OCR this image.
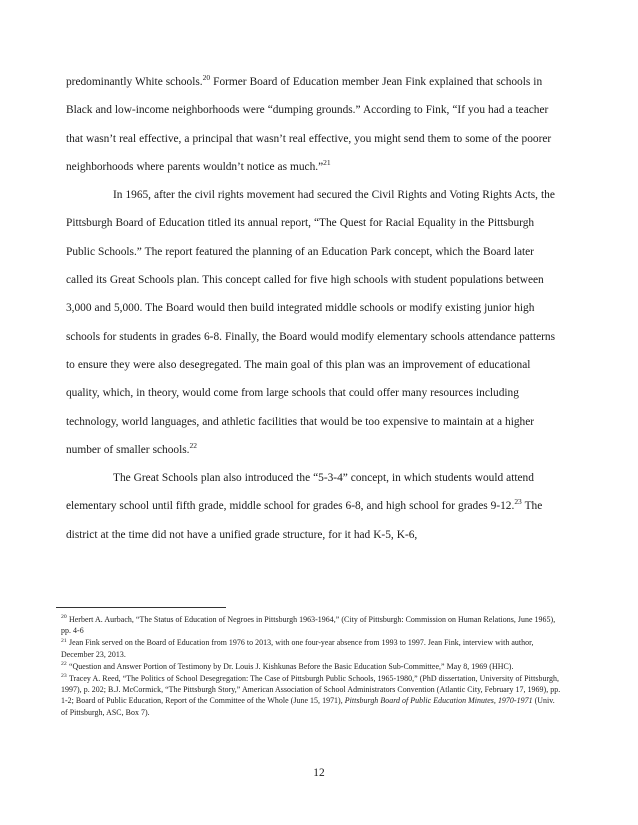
predominantly White schools.$^{20}$ Former Board of Education member Jean Fink explained that schools in Black and low-income neighborhoods were “dumping grounds.” According to Fink, “If you had a teacher that wasn’t real effective, a principal that wasn’t real effective, you might send them to some of the poorer neighborhoods where parents wouldn’t notice as much.”$^{21}$

In 1965, after the civil rights movement had secured the Civil Rights and Voting Rights Acts, the Pittsburgh Board of Education titled its annual report, “The Quest for Racial Equality in the Pittsburgh Public Schools.” The report featured the planning of an Education Park concept, which the Board later called its Great Schools plan. This concept called for five high schools with student populations between 3,000 and 5,000. The Board would then build integrated middle schools or modify existing junior high schools for students in grades 6-8. Finally, the Board would modify elementary schools attendance patterns to ensure they were also desegregated. The main goal of this plan was an improvement of educational quality, which, in theory, would come from large schools that could offer many resources including technology, world languages, and athletic facilities that would be too expensive to maintain at a higher number of smaller schools.$^{22}$

The Great Schools plan also introduced the “5-3-4” concept, in which students would attend elementary school until fifth grade, middle school for grades 6-8, and high school for grades 9-12.23 The district at the time did not have a unified grade structure, for it had K-5, K-6,

$^{20}$ Herbert A. Aurbach, “The Status of Education of Negroes in Pittsburgh 1963-1964,” (City of Pittsburgh: Commission on Human Relations, June 1965), pp. 4-6

$^{21}$ Jean Fink served on the Board of Education from 1976 to 2013, with one four-year absence from 1993 to 1997. Jean Fink, interview with author, December 23, 2013.

$^{22}$ “Question and Answer Portion of Testimony by Dr. Louis J. Kishkunas Before the Basic Education Sub-Committee,” May 8, 1969 (HHC).

$^{23}$ Tracey A. Reed, “The Politics of School Desegregation: The Case of Pittsburgh Public Schools, 1965-1980,” (PhD dissertation, University of Pittsburgh, 1997), p. 202; B.J. McCormick, “The Pittsburgh Story,” American Association of School Administrators Convention (Atlantic City, February 17, 1969), pp. 1-2; Board of Public Education, Report of the Committee of the Whole (June 15, 1971), Pittsburgh Board of Public Education Minutes, 1970-1971 (Univ. of Pittsburgh, ASC, Box 7).

12
